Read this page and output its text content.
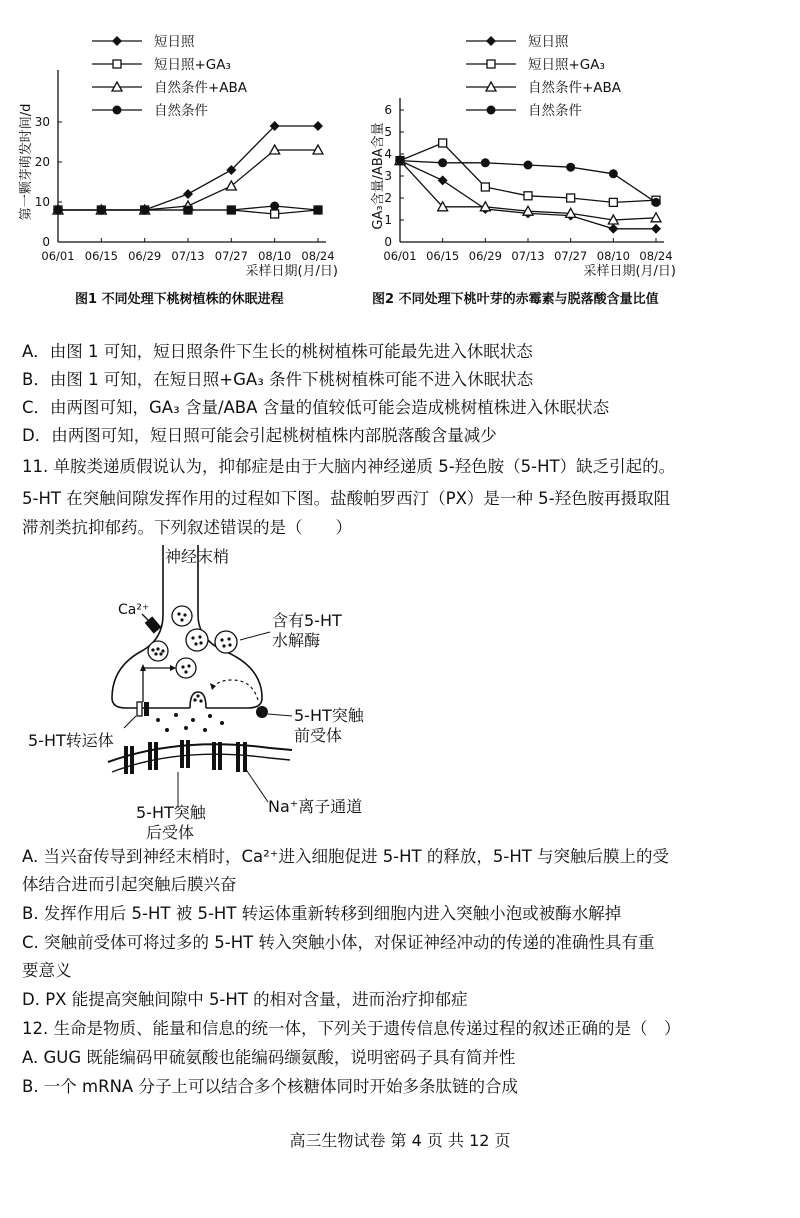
0
10
20
30
06/01 06/15 06/29 07/13 07/27 08/10 08/24
采样日期(月/日)
第一颗芽萌发时间/d
短日照
短日照+GA₃
自然条件+ABA
自然条件
图1 不同处理下桃树植株的休眠进程
0
1
2
3
4
5
6
06/01 06/15 06/29 07/13 07/27 08/10 08/24
采样日期(月/日)
GA₃含量/ABA含量
短日照
短日照+GA₃
自然条件+ABA
自然条件
图2 不同处理下桃叶芽的赤霉素与脱落酸含量比值
A．由图 1 可知，短日照条件下生长的桃树植株可能最先进入休眠状态
B．由图 1 可知，在短日照+GA₃ 条件下桃树植株可能不进入休眠状态
C．由两图可知，GA₃ 含量/ABA 含量的值较低可能会造成桃树植株进入休眠状态
D．由两图可知，短日照可能会引起桃树植株内部脱落酸含量减少
11. 单胺类递质假说认为，抑郁症是由于大脑内神经递质 5-羟色胺（5-HT）缺乏引起的。
5-HT 在突触间隙发挥作用的过程如下图。盐酸帕罗西汀（PX）是一种 5-羟色胺再摄取阻
滞剂类抗抑郁药。下列叙述错误的是（　　）
神经末梢
Ca²⁺
含有5-HT
水解酶
5-HT转运体
5-HT突触
前受体
5-HT突触
后受体
Na⁺离子通道
A. 当兴奋传导到神经末梢时，Ca²⁺进入细胞促进 5-HT 的释放，5-HT 与突触后膜上的受
体结合进而引起突触后膜兴奋
B. 发挥作用后 5-HT 被 5-HT 转运体重新转移到细胞内进入突触小泡或被酶水解掉
C. 突触前受体可将过多的 5-HT 转入突触小体，对保证神经冲动的传递的准确性具有重
要意义
D. PX 能提高突触间隙中 5-HT 的相对含量，进而治疗抑郁症
12. 生命是物质、能量和信息的统一体，下列关于遗传信息传递过程的叙述正确的是（　）
A. GUG 既能编码甲硫氨酸也能编码缬氨酸，说明密码子具有简并性
B. 一个 mRNA 分子上可以结合多个核糖体同时开始多条肽链的合成
高三生物试卷 第 4 页 共 12 页
